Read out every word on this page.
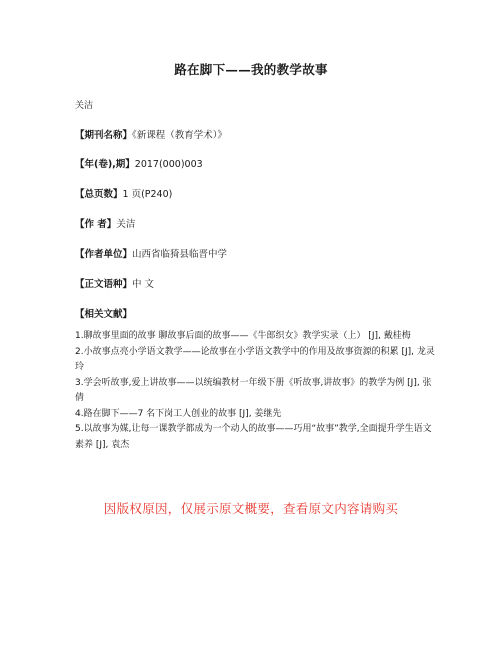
路在脚下——我的教学故事
关洁
【期刊名称】《新课程（教育学术）》
【年(卷),期】2017(000)003
【总页数】1 页(P240)
【作 者】关洁
【作者单位】山西省临猗县临晋中学
【正文语种】中 文
【相关文献】

1.聊故事里面的故事 聊故事后面的故事——《牛郎织女》教学实录（上） [J], 戴桂梅

2.小故事点亮小学语文教学——论故事在小学语文教学中的作用及故事资源的积累 [J], 龙灵玲

3.学会听故事,爱上讲故事——以统编教材一年级下册《听故事,讲故事》的教学为例 [J], 张倩

4.路在脚下——7 名下岗工人创业的故事 [J], 姜继先

5.以故事为媒,让每一课教学都成为一个动人的故事——巧用“故事”教学,全面提升学生语文素养 [J], 袁杰

因版权原因，仅展示原文概要，查看原文内容请购买
